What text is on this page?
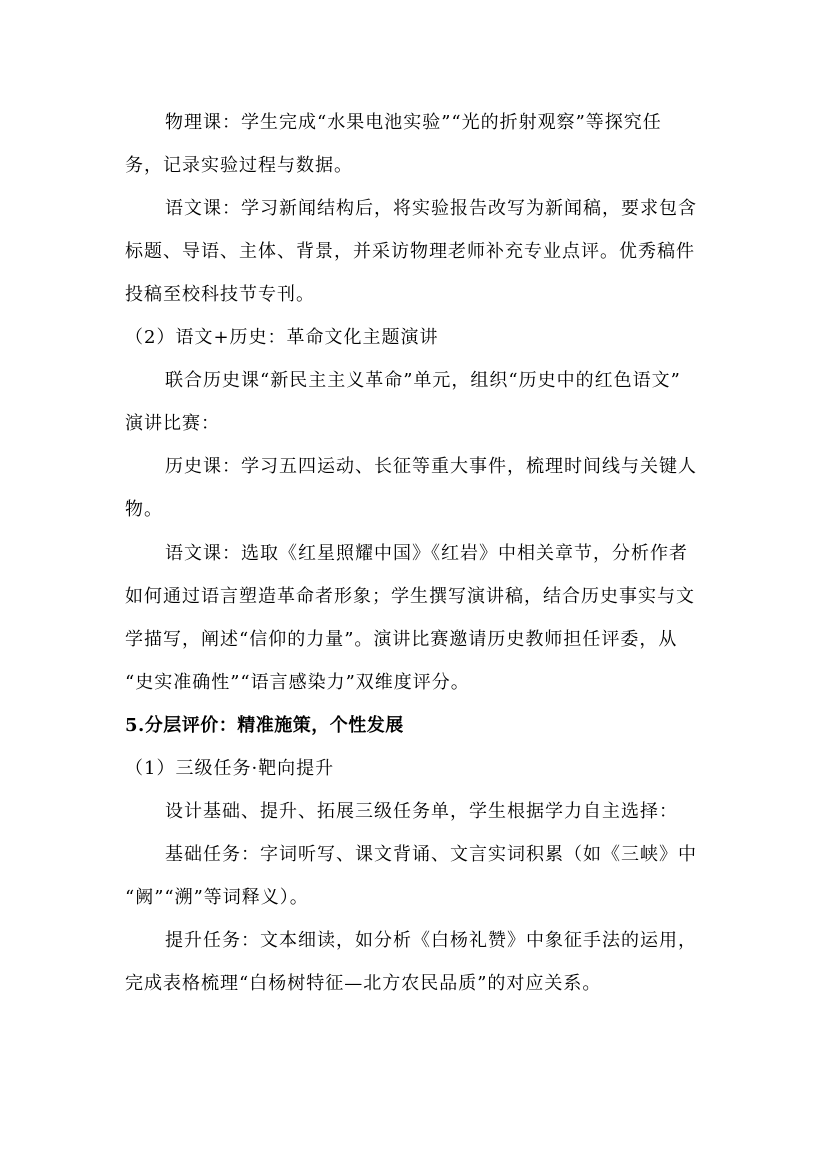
物理课：学生完成“水果电池实验”“光的折射观察”等探究任
务，记录实验过程与数据。
语文课：学习新闻结构后，将实验报告改写为新闻稿，要求包含
标题、导语、主体、背景，并采访物理老师补充专业点评。优秀稿件
投稿至校科技节专刊。
（2）语文+历史：革命文化主题演讲
联合历史课“新民主主义革命”单元，组织“历史中的红色语文”
演讲比赛：
历史课：学习五四运动、长征等重大事件，梳理时间线与关键人
物。
语文课：选取《红星照耀中国》《红岩》中相关章节，分析作者
如何通过语言塑造革命者形象；学生撰写演讲稿，结合历史事实与文
学描写，阐述“信仰的力量”。演讲比赛邀请历史教师担任评委，从
“史实准确性”“语言感染力”双维度评分。
5.分层评价：精准施策，个性发展
（1）三级任务·靶向提升
设计基础、提升、拓展三级任务单，学生根据学力自主选择：
基础任务：字词听写、课文背诵、文言实词积累（如《三峡》中
“阙”“溯”等词释义）。
提升任务：文本细读，如分析《白杨礼赞》中象征手法的运用，
完成表格梳理“白杨树特征—北方农民品质”的对应关系。
